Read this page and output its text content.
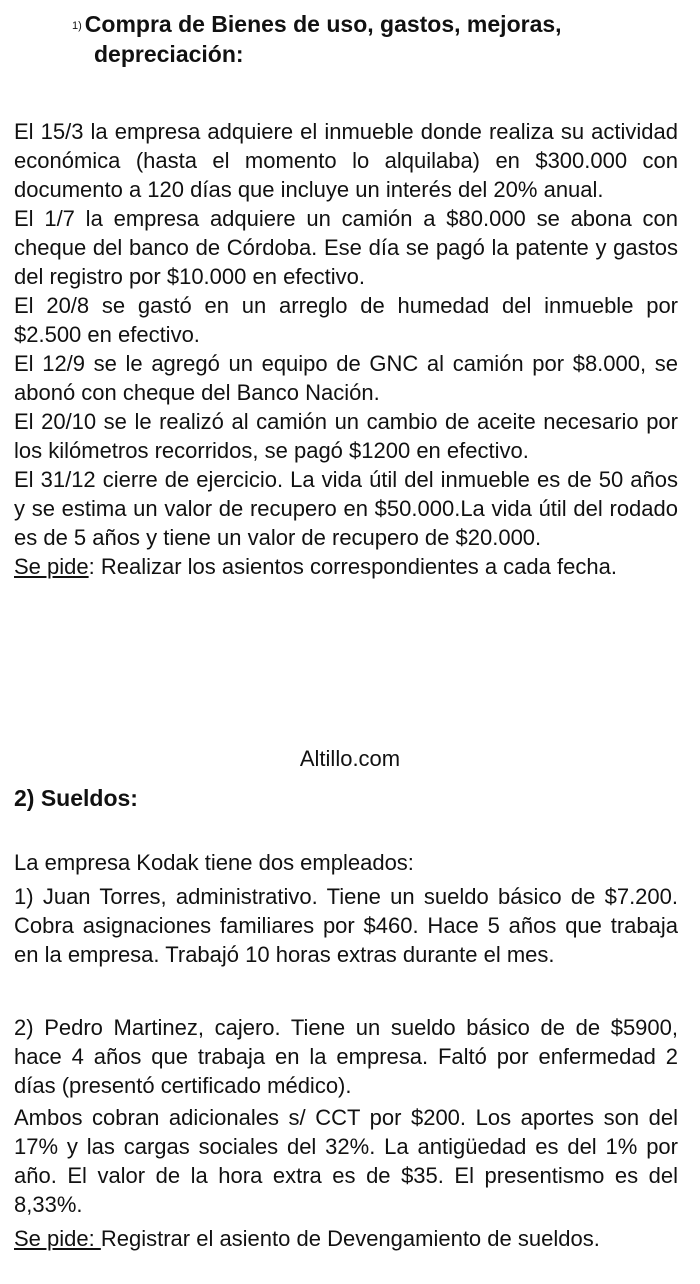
1) Compra de Bienes de uso, gastos, mejoras,
depreciación:

El 15/3 la empresa adquiere el inmueble donde realiza su actividad económica (hasta el momento lo alquilaba) en $300.000 con documento a 120 días que incluye un interés del 20% anual.

El 1/7 la empresa adquiere un camión a $80.000 se abona con cheque del banco de Córdoba. Ese día se pagó la patente y gastos del registro por $10.000 en efectivo.

El 20/8 se gastó en un arreglo de humedad del inmueble por $2.500 en efectivo.

El 12/9 se le agregó un equipo de GNC al camión por $8.000, se abonó con cheque del Banco Nación.

El 20/10 se le realizó al camión un cambio de aceite necesario por los kilómetros recorridos, se pagó $1200 en efectivo.

El 31/12 cierre de ejercicio. La vida útil del inmueble es de 50 años y se estima un valor de recupero en $50.000.La vida útil del rodado es de 5 años y tiene un valor de recupero de $20.000.

Se pide: Realizar los asientos correspondientes a cada fecha.

Altillo.com
2) Sueldos:
La empresa Kodak tiene dos empleados:
1) Juan Torres, administrativo. Tiene un sueldo básico de $7.200. Cobra asignaciones familiares por $460. Hace 5 años que trabaja en la empresa. Trabajó 10 horas extras durante el mes.
2) Pedro Martinez, cajero. Tiene un sueldo básico de de $5900, hace 4 años que trabaja en la empresa. Faltó por enfermedad 2 días (presentó certificado médico).
Ambos cobran adicionales s/ CCT por $200. Los aportes son del 17% y las cargas sociales del 32%. La antigüedad es del 1% por año. El valor de la hora extra es de $35. El presentismo es del 8,33%.
Se pide: Registrar el asiento de Devengamiento de sueldos.
